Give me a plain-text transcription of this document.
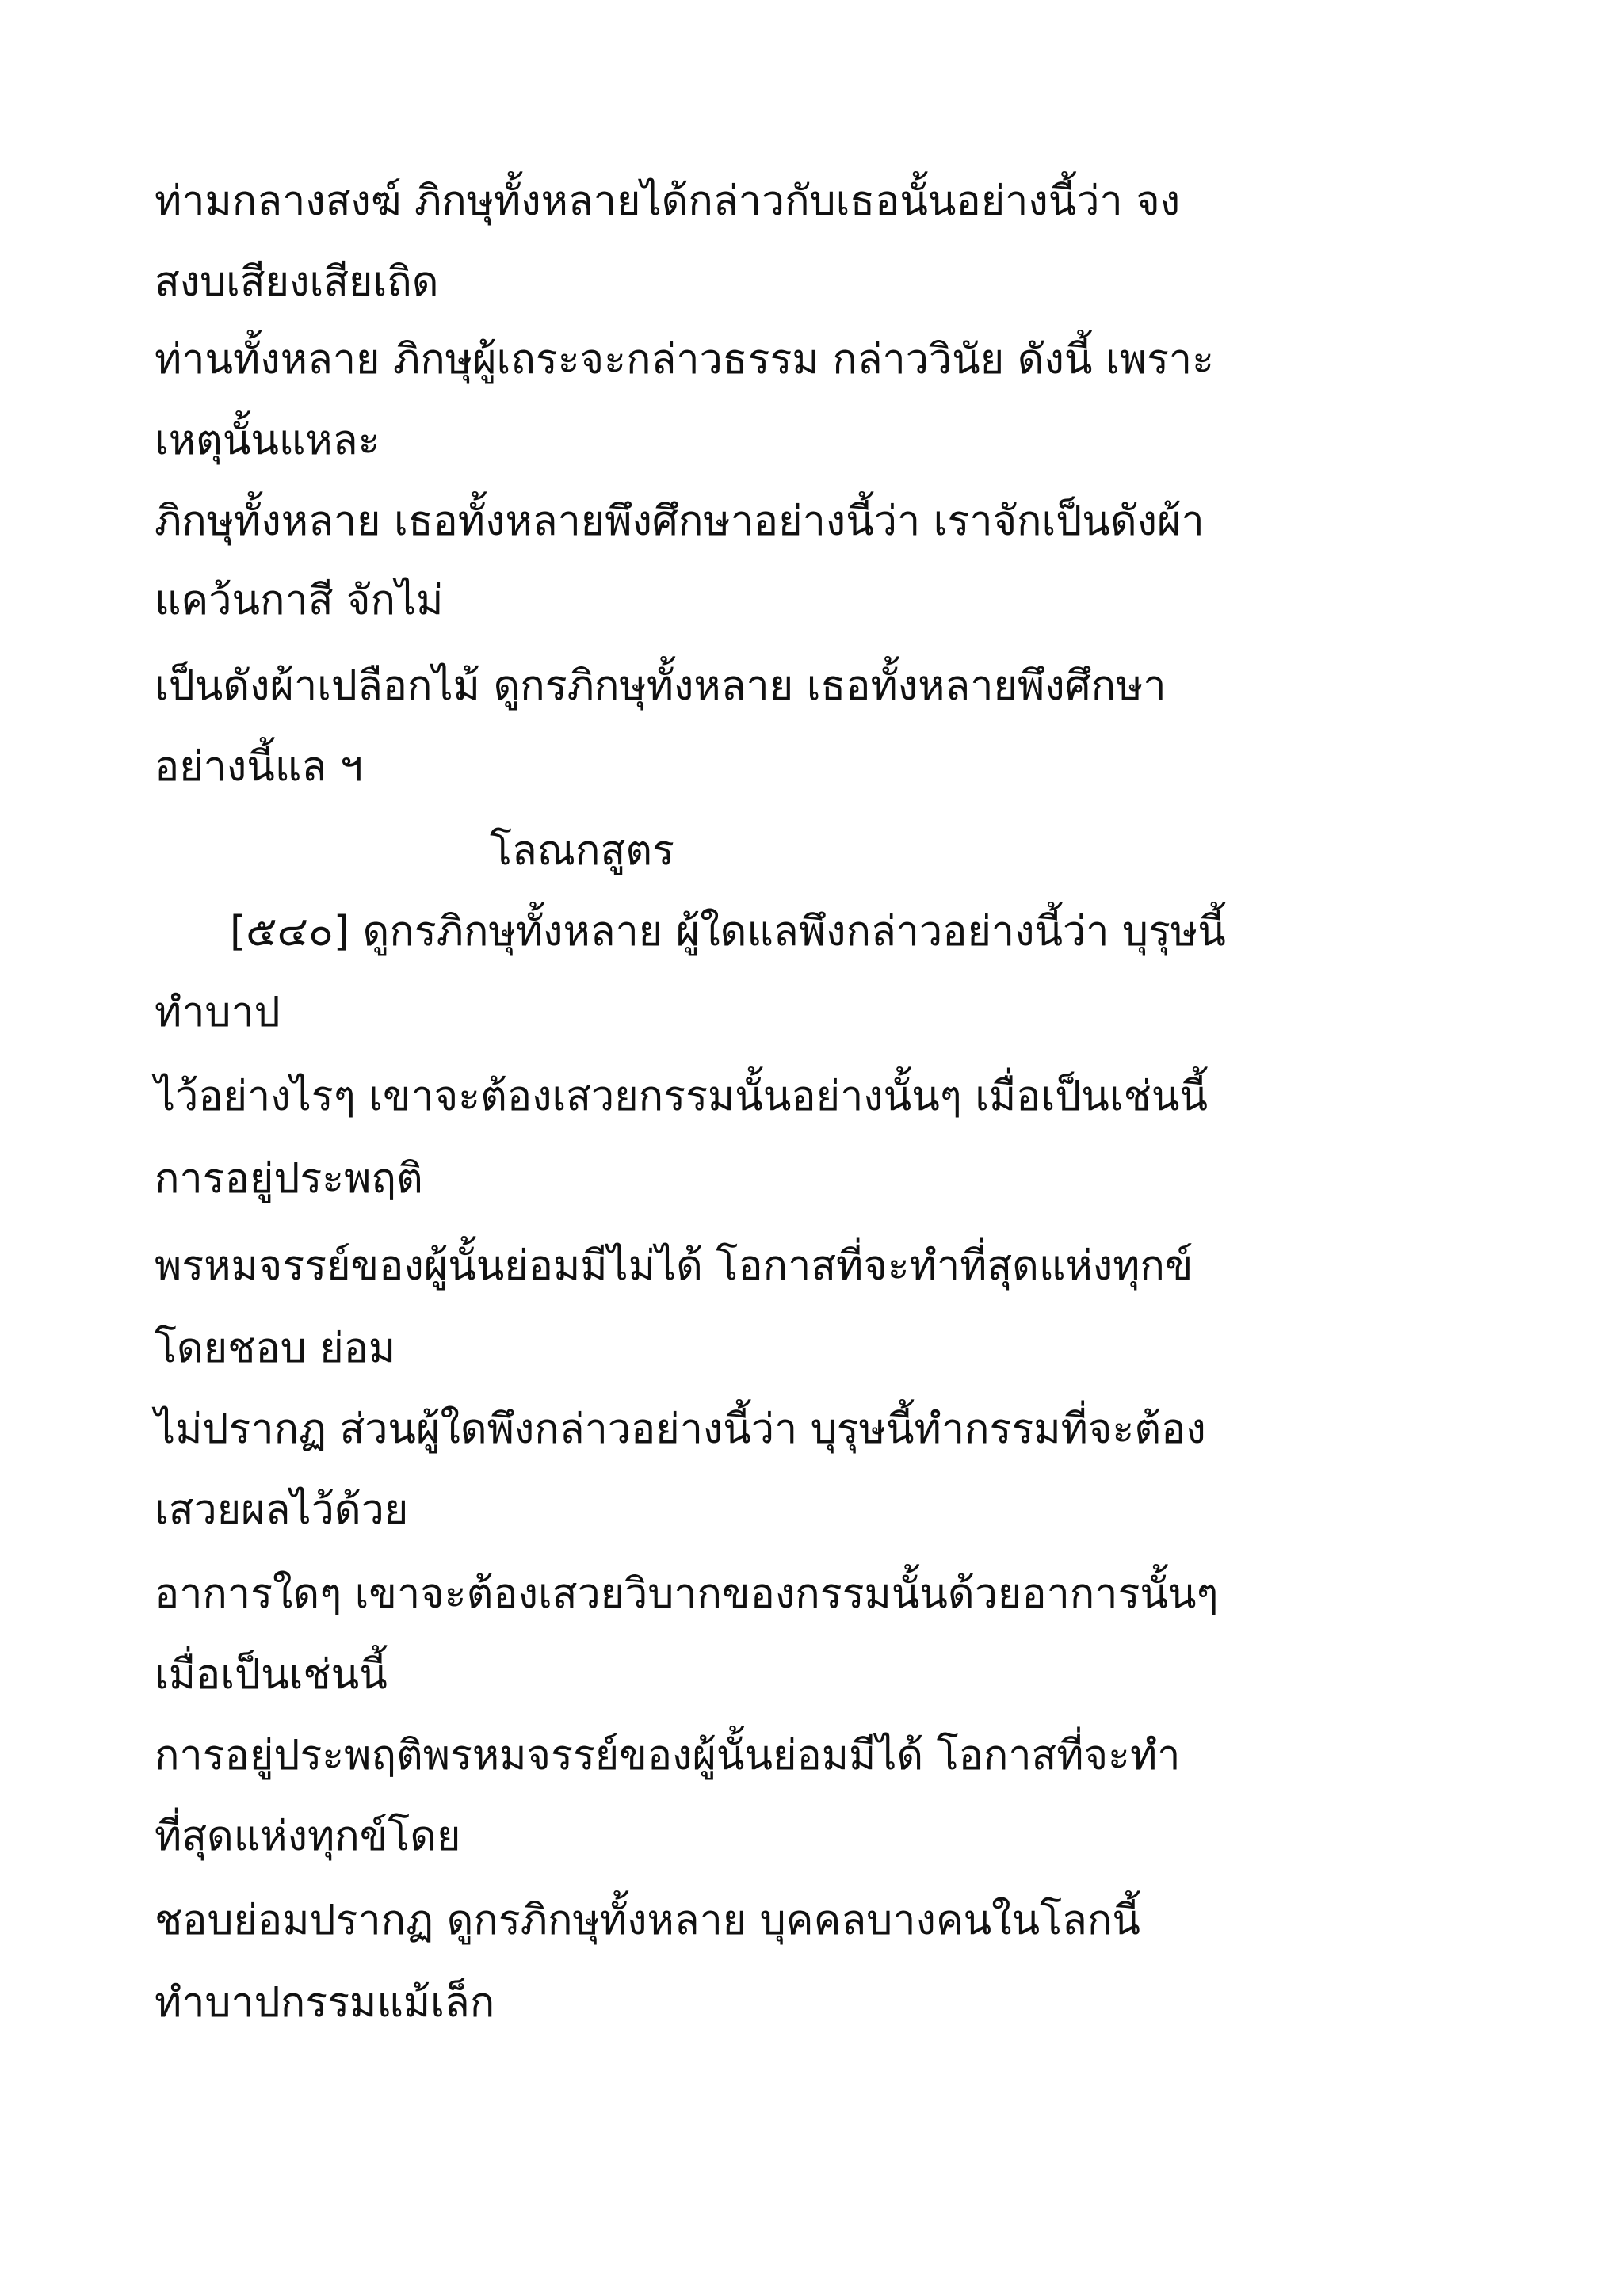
ท่ามกลางสงฆ์ ภิกษุทั้งหลายได้กล่าวกับเธอนั้นอย่างนี้ว่า จง
สงบเสียงเสียเถิด
ท่านทั้งหลาย ภิกษุผู้เถระจะกล่าวธรรม กล่าววินัย ดังนี้ เพราะ
เหตุนั้นแหละ
ภิกษุทั้งหลาย เธอทั้งหลายพึงศึกษาอย่างนี้ว่า เราจักเป็นดังผ้า
แคว้นกาสี จักไม่
เป็นดังผ้าเปลือกไม้ ดูกรภิกษุทั้งหลาย เธอทั้งหลายพึงศึกษา
อย่างนี้แล ฯ
โลณกสูตร
[๕๔๐] ดูกรภิกษุทั้งหลาย ผู้ใดแลพึงกล่าวอย่างนี้ว่า บุรุษนี้
ทำบาป
ไว้อย่างไรๆ เขาจะต้องเสวยกรรมนั้นอย่างนั้นๆ เมื่อเป็นเช่นนี้
การอยู่ประพฤติ
พรหมจรรย์ของผู้นั้นย่อมมีไม่ได้ โอกาสที่จะทำที่สุดแห่งทุกข์
โดยชอบ ย่อม
ไม่ปรากฏ ส่วนผู้ใดพึงกล่าวอย่างนี้ว่า บุรุษนี้ทำกรรมที่จะต้อง
เสวยผลไว้ด้วย
อาการใดๆ เขาจะต้องเสวยวิบากของกรรมนั้นด้วยอาการนั้นๆ
เมื่อเป็นเช่นนี้
การอยู่ประพฤติพรหมจรรย์ของผู้นั้นย่อมมีได้ โอกาสที่จะทำ
ที่สุดแห่งทุกข์โดย
ชอบย่อมปรากฏ ดูกรภิกษุทั้งหลาย บุคคลบางคนในโลกนี้
ทำบาปกรรมแม้เล็ก
